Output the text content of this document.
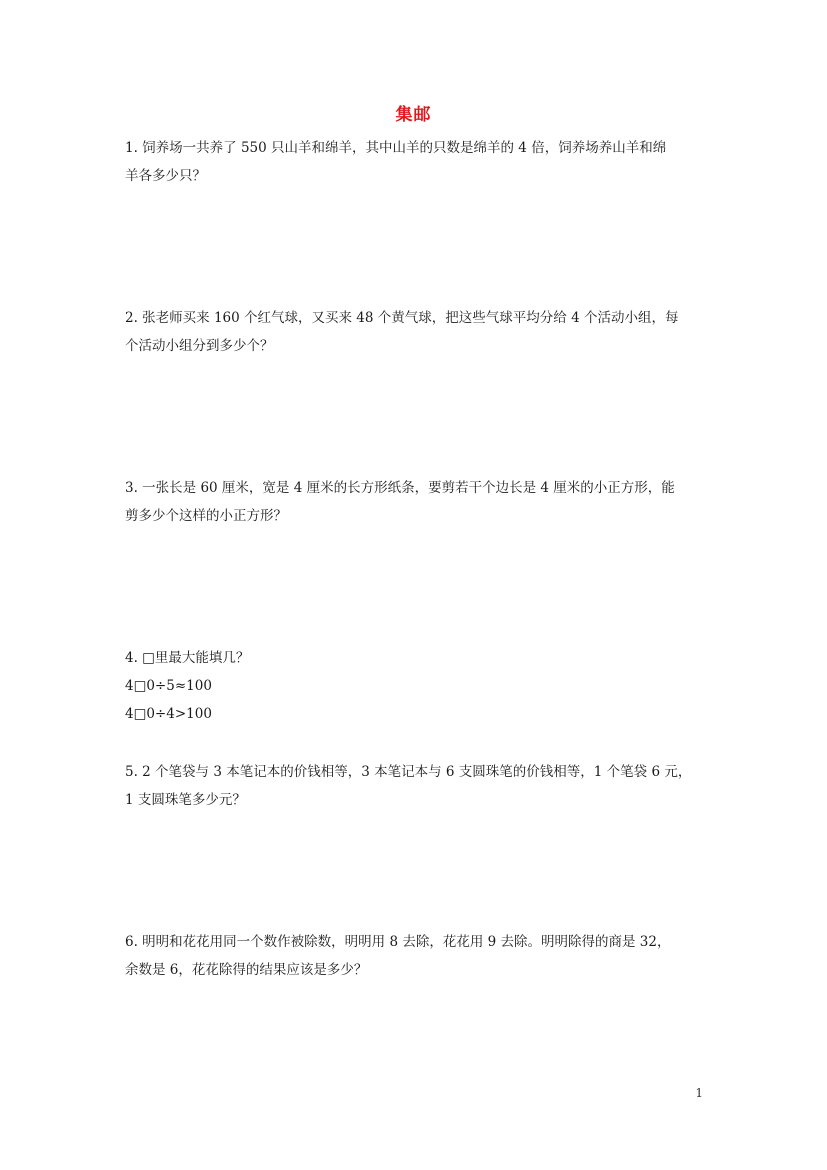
集邮
1. 饲养场一共养了 550 只山羊和绵羊，其中山羊的只数是绵羊的 4 倍，饲养场养山羊和绵
羊各多少只？
2. 张老师买来 160 个红气球，又买来 48 个黄气球，把这些气球平均分给 4 个活动小组，每
个活动小组分到多少个？
3. 一张长是 60 厘米，宽是 4 厘米的长方形纸条，要剪若干个边长是 4 厘米的小正方形，能
剪多少个这样的小正方形？
4. □里最大能填几？
4□0÷5≈100
4□0÷4>100
5. 2 个笔袋与 3 本笔记本的价钱相等，3 本笔记本与 6 支圆珠笔的价钱相等，1 个笔袋 6 元，
1 支圆珠笔多少元？
6. 明明和花花用同一个数作被除数，明明用 8 去除，花花用 9 去除。明明除得的商是 32，
余数是 6，花花除得的结果应该是多少？
1
